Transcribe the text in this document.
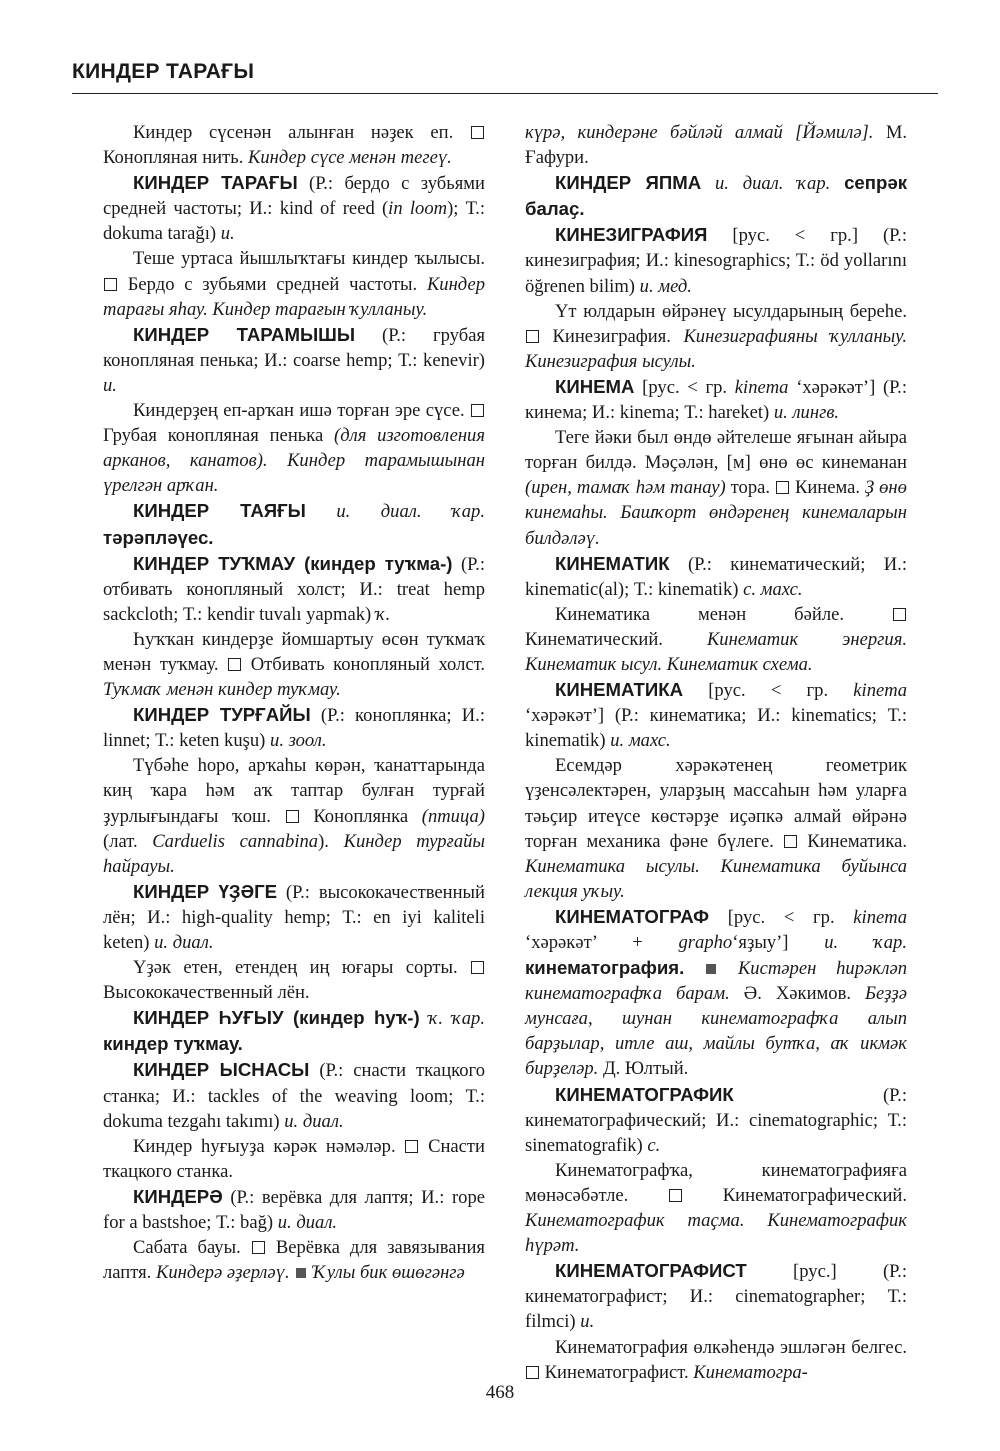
КИНДЕР ТАРАҒЫ

Киндер сүсенән алынған нәҙек еп.  Конопляная нить. Киндер сүсе менән тегеү.

КИНДЕР ТАРАҒЫ (Р.: бердо с зубьями средней частоты; И.: kind of reed (in loom); Т.: dokuma tarağı) и.

Теше уртаса йышлыҡтағы киндер ҡылысы.  Бердо с зубьями средней частоты. Киндер тарағы яһау. Киндер тарағын ҡулланыу.

КИНДЕР ТАРАМЫШЫ (Р.: грубая конопляная пенька; И.: coarse hemp; Т.: kenevir) и.

Киндерҙең еп-арҡан ишә торған эре сүсе.  Грубая конопляная пенька (для изготовления арканов, канатов). Киндер тарамышынан үрелгән арҡан.

КИНДЕР ТАЯҒЫ и. диал. ҡар. тәрәпләүес.

КИНДЕР ТУҠМАУ (киндер туҡма-) (Р.: отбивать конопляный холст; И.: treat hemp sackcloth; Т.: kendir tuvalı yapmak) ҡ.

Һуҡҡан киндерҙе йомшартыу өсөн туҡмаҡ менән туҡмау. Отбивать конопляный холст. Туҡмаҡ менән киндер туҡмау.

КИНДЕР ТУРҒАЙЫ (Р.: коноплянка; И.: linnet; Т.: keten kuşu) и. зоол.

Түбәһе һоро, арҡаһы көрән, ҡанаттарында киң ҡара һәм аҡ таптар булған турғай ҙурлығындағы ҡош. Коноплянка (птица) (лат. Carduelis cannabina). Киндер турғайы һайрауы.

КИНДЕР ҮҘӘГЕ (Р.: высококачественный лён; И.: high-quality hemp; Т.: en iyi kaliteli keten) и. диал.

Үҙәк етен, етендең иң юғары сорты.  Высококачественный лён.

КИНДЕР ҺУҒЫУ (киндер һуҡ-) ҡ. ҡар. киндер туҡмау.

КИНДЕР ЫСНАСЫ (Р.: снасти ткацкого станка; И.: tackles of the weaving loom; Т.: dokuma tezgahı takımı) и. диал.

Киндер һуғыуҙа кәрәк нәмәләр. Снасти ткацкого станка.

КИНДЕРӘ (Р.: верёвка для лаптя; И.: rope for a bastshoe; Т.: bağ) и. диал.

Сабата бауы. Верёвка для завязывания лаптя. Киндерә әҙерләү. Ҡулы бик өшөгәнгә

күрә, киндерәне бәйләй алмай [Йәмилә]. М. Ғафури.

КИНДЕР ЯПМА и. диал. ҡар. сепрәк балаҫ.

КИНЕЗИГРАФИЯ [рус. < гр.] (Р.: кинезиграфия; И.: kinesographics; Т.: öd yollarını öğrenen bilim) и. мед.

Үт юлдарын өйрәнеү ысулдарының береһе.  Кинезиграфия. Кинезиграфияны ҡулланыу. Кинезиграфия ысулы.

КИНЕМА [рус. < гр. kinema ‘хәрәкәт’] (Р.: кинема; И.: kinema; Т.: hareket) и. лингв.

Теге йәки был өндө әйтелеше яғынан айыра торған билдә. Мәҫәлән, [м] өнө өс кинеманан (ирен, тамаҡ һәм танау) тора. Кинема. Ҙ өнө кинемаһы. Башҡорт өндәренең кинемаларын билдәләү.

КИНЕМАТИК (Р.: кинематический; И.: kinematic(al); Т.: kinematik) с. махс.

Кинематика менән бәйле.  Кинематический. Кинематик энергия. Кинематик ысул. Кинематик схема.

КИНЕМАТИКА [рус. < гр. kinema ‘хәрәкәт’] (Р.: кинематика; И.: kinematics; Т.: kinematik) и. махс.

Есемдәр хәрәкәтенең геометрик үҙенсәлектәрен, уларҙың массаһын һәм уларға тәьҫир итеүсе көстәрҙе иҫәпкә алмай өйрәнә торған механика фәне бүлеге. Кинематика. Кинематика ысулы. Кинематика буйынса лекция уҡыу.

КИНЕМАТОГРАФ [рус. < гр. kinema ‘хәрәкәт’ + grapho‘яҙыу’] и. ҡар. кинематография.	Кистәрен һирәкләп кинематографҡа барам. Ә. Хәкимов. Беҙҙә мунсаға, шунан кинематографҡа алып барҙылар, итле аш, майлы бутҡа, аҡ икмәк бирҙеләр. Д. Юлтый.

КИНЕМАТОГРАФИК	(Р.: кинематографический; И.: cinematographic; Т.: sinematografik) с.

Кинематографҡа, кинематографияға мөнәсәбәтле.	Кинематографический. Кинематографик таҫма. Кинематографик һүрәт.

КИНЕМАТОГРАФИСТ [рус.] (Р.: кинематографист; И.: cinematographer; Т.: filmci) и.

Кинематография өлкәһендә эшләгән белгес.  Кинематографист. Кинематогра-

468
